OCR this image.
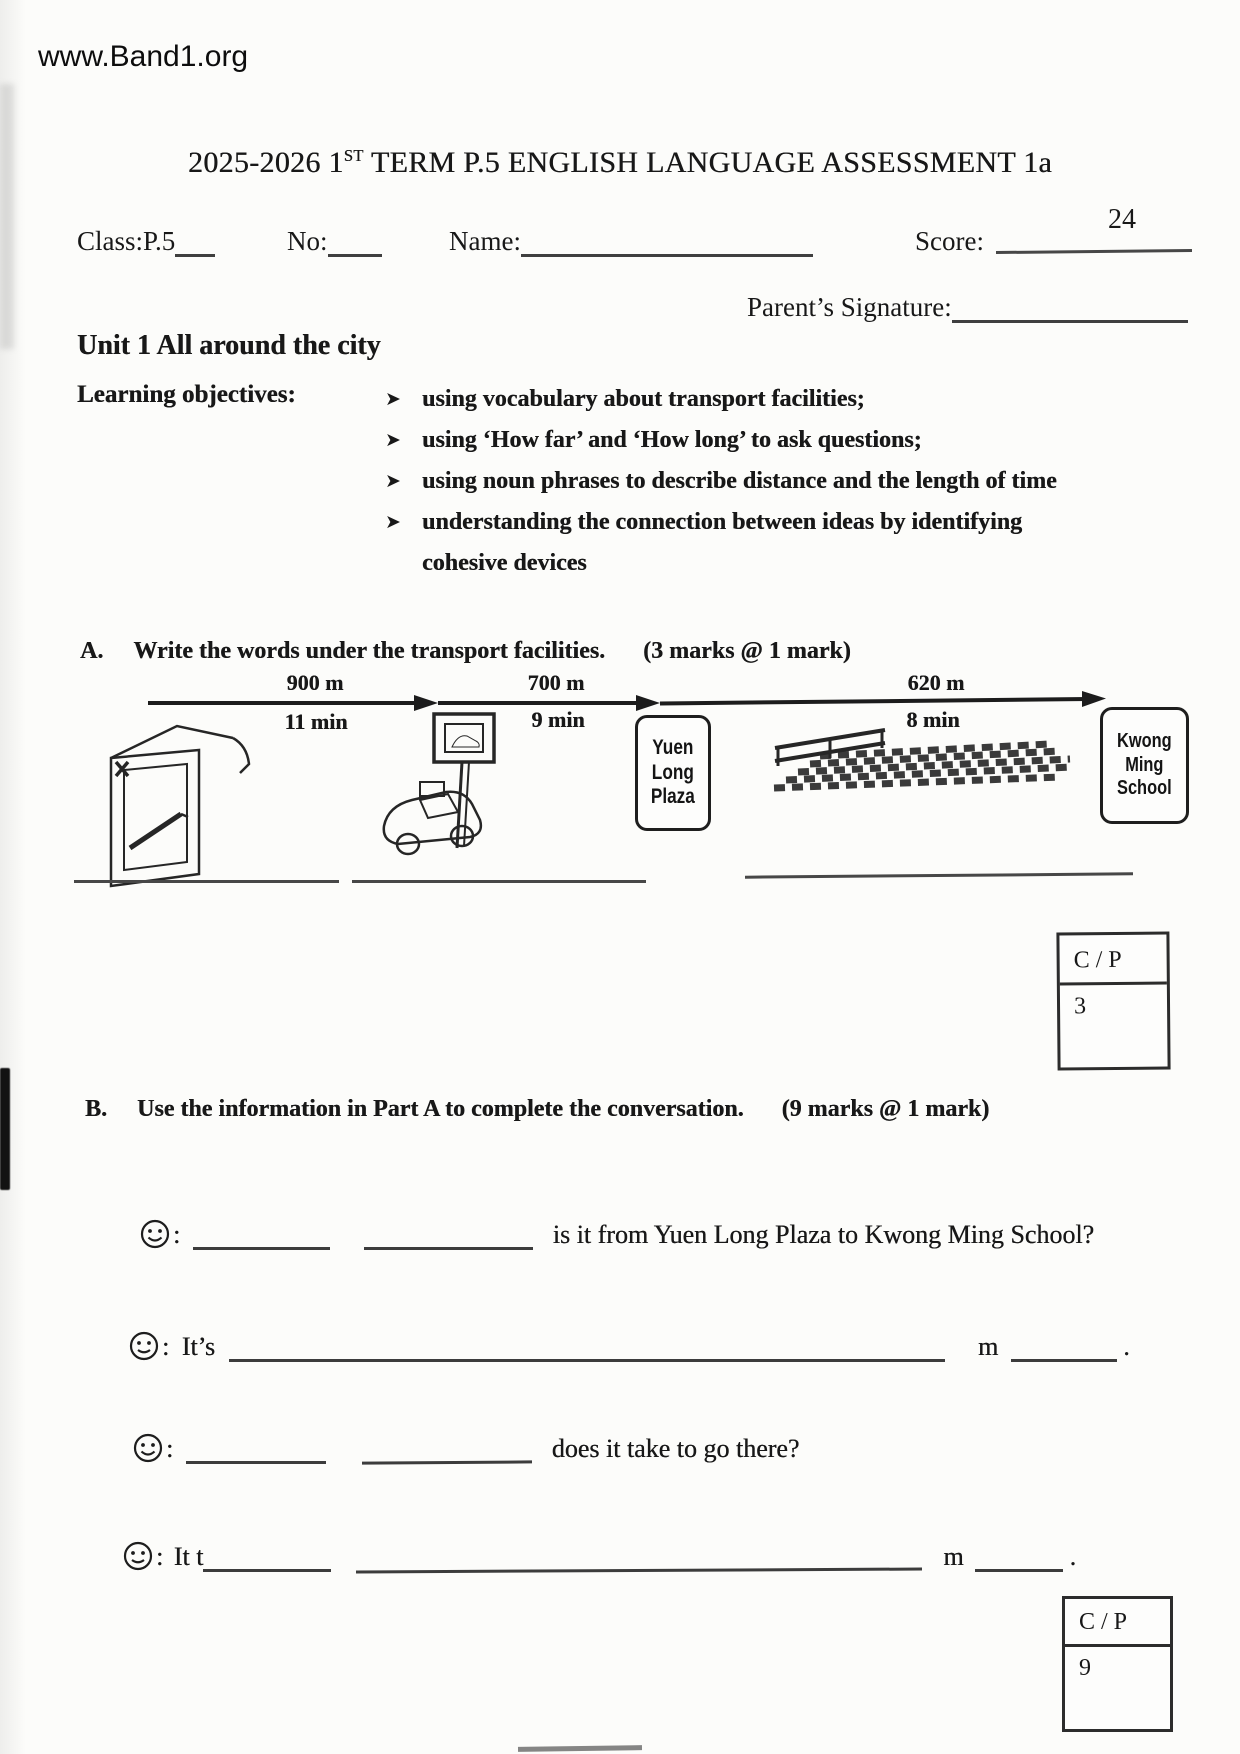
www.Band1.org
2025-2026 1ST TERM P.5 ENGLISH LANGUAGE ASSESSMENT 1a
Class:P.5	No:	Name:	Score:
24
Parent’s Signature:
Unit 1 All around the city
Learning objectives:	➤ using vocabulary about transport facilities;
➤ using ‘How far’ and ‘How long’ to ask questions;
➤ using noun phrases to describe distance and the length of time
➤ understanding the connection between ideas by identifying cohesive devices
A. Write the words under the transport facilities. (3 marks @ 1 mark)
900 m	700 m	620 m
11 min	9 min	8 min
Yuen
Long
Plaza
Kwong
Ming
School
C / P
3
B. Use the information in Part A to complete the conversation. (9 marks @ 1 mark)
:	is it from Yuen Long Plaza to Kwong Ming School?
: It’s	m	.
:	does it take to go there?
: It t	m	.
C / P
9
